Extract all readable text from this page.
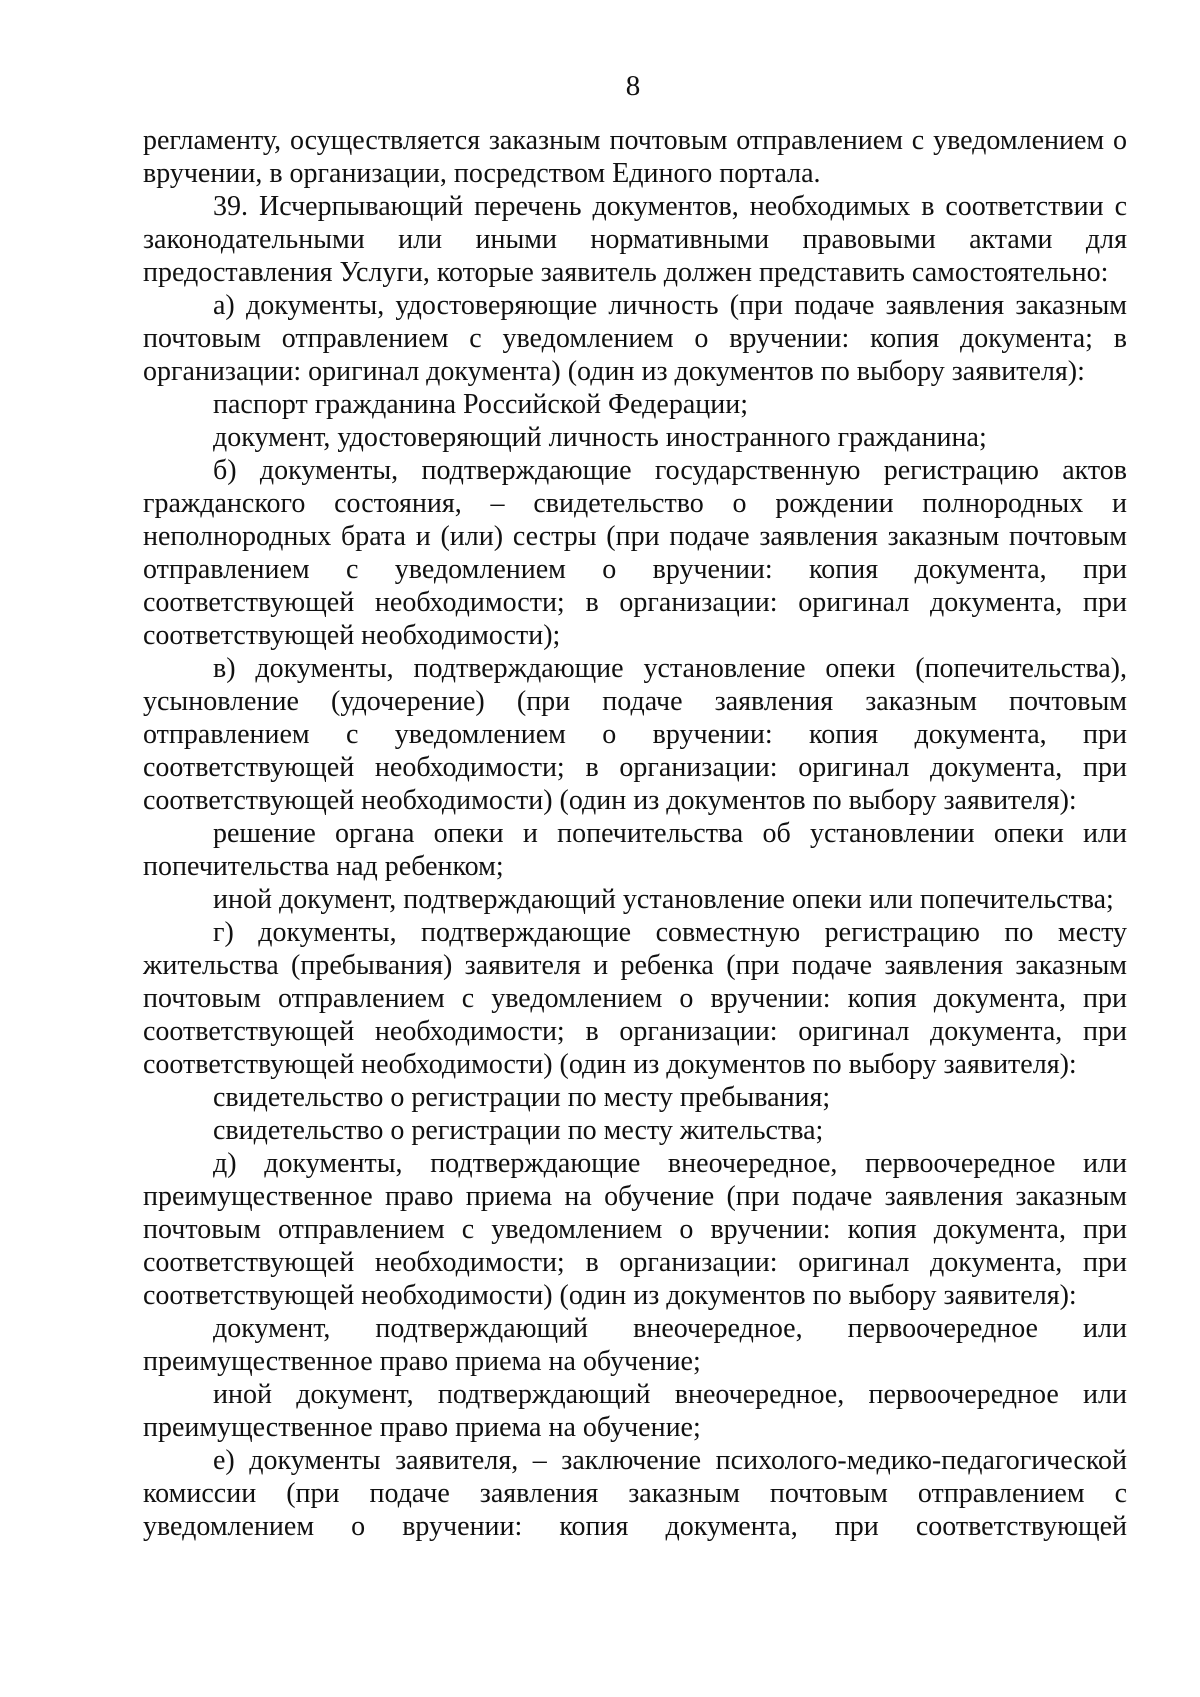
8

регламенту, осуществляется заказным почтовым отправлением с уведомлением о вручении, в организации, посредством Единого портала.

39. Исчерпывающий перечень документов, необходимых в соответствии с законодательными или иными нормативными правовыми актами для предоставления Услуги, которые заявитель должен представить самостоятельно:

а) документы, удостоверяющие личность (при подаче заявления заказным почтовым отправлением с уведомлением о вручении: копия документа; в организации: оригинал документа) (один из документов по выбору заявителя):

паспорт гражданина Российской Федерации;

документ, удостоверяющий личность иностранного гражданина;

б) документы, подтверждающие государственную регистрацию актов гражданского состояния, – свидетельство о рождении полнородных и неполнородных брата и (или) сестры (при подаче заявления заказным почтовым отправлением с уведомлением о вручении: копия документа, при соответствующей необходимости; в организации: оригинал документа, при соответствующей необходимости);

в) документы, подтверждающие установление опеки (попечительства), усыновление (удочерение) (при подаче заявления заказным почтовым отправлением с уведомлением о вручении: копия документа, при соответствующей необходимости; в организации: оригинал документа, при соответствующей необходимости) (один из документов по выбору заявителя):

решение органа опеки и попечительства об установлении опеки или попечительства над ребенком;

иной документ, подтверждающий установление опеки или попечительства;

г) документы, подтверждающие совместную регистрацию по месту жительства (пребывания) заявителя и ребенка (при подаче заявления заказным почтовым отправлением с уведомлением о вручении: копия документа, при соответствующей необходимости; в организации: оригинал документа, при соответствующей необходимости) (один из документов по выбору заявителя):

свидетельство о регистрации по месту пребывания;

свидетельство о регистрации по месту жительства;

д) документы, подтверждающие внеочередное, первоочередное или преимущественное право приема на обучение (при подаче заявления заказным почтовым отправлением с уведомлением о вручении: копия документа, при соответствующей необходимости; в организации: оригинал документа, при соответствующей необходимости) (один из документов по выбору заявителя):

документ, подтверждающий внеочередное, первоочередное или преимущественное право приема на обучение;

иной документ, подтверждающий внеочередное, первоочередное или преимущественное право приема на обучение;

е) документы заявителя, – заключение психолого-медико-педагогической комиссии (при подаче заявления заказным почтовым отправлением с уведомлением о вручении: копия документа, при соответствующей
